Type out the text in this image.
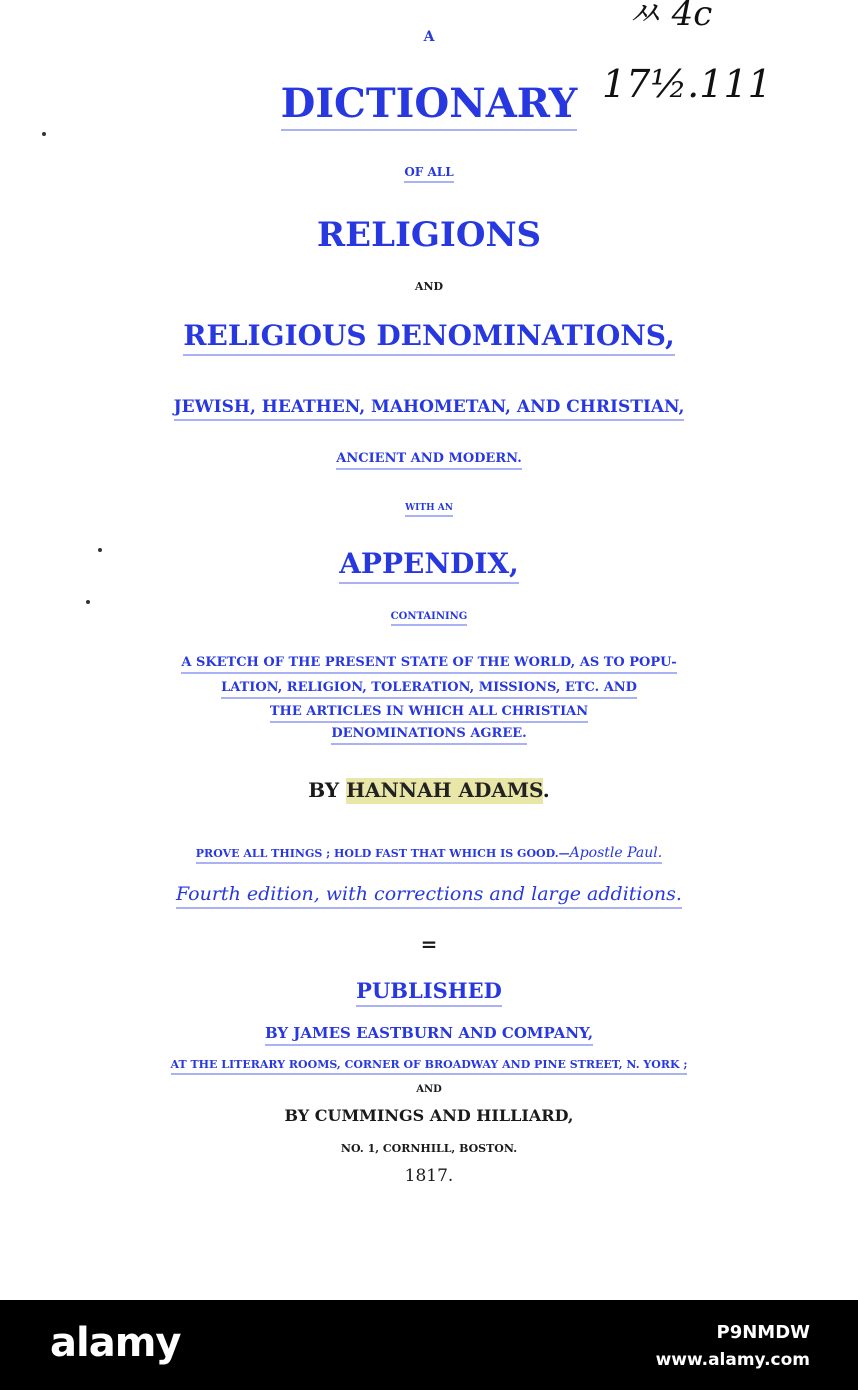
ﾶ 4c
17½.111
A
DICTIONARY
OF ALL
RELIGIONS
AND
RELIGIOUS DENOMINATIONS,
JEWISH, HEATHEN, MAHOMETAN, AND CHRISTIAN,
ANCIENT AND MODERN.
WITH AN
APPENDIX,
CONTAINING
A SKETCH OF THE PRESENT STATE OF THE WORLD, AS TO POPU-
LATION, RELIGION, TOLERATION, MISSIONS, ETC. AND
THE ARTICLES IN WHICH ALL CHRISTIAN
DENOMINATIONS AGREE.
BY HANNAH ADAMS.
PROVE ALL THINGS ; HOLD FAST THAT WHICH IS GOOD.—Apostle Paul.
Fourth edition, with corrections and large additions.
=
PUBLISHED
BY JAMES EASTBURN AND COMPANY,
AT THE LITERARY ROOMS, CORNER OF BROADWAY AND PINE STREET, N. YORK ;
AND
BY CUMMINGS AND HILLIARD,
NO. 1, CORNHILL, BOSTON.
1817.
alamy	P9NMDW
www.alamy.com
